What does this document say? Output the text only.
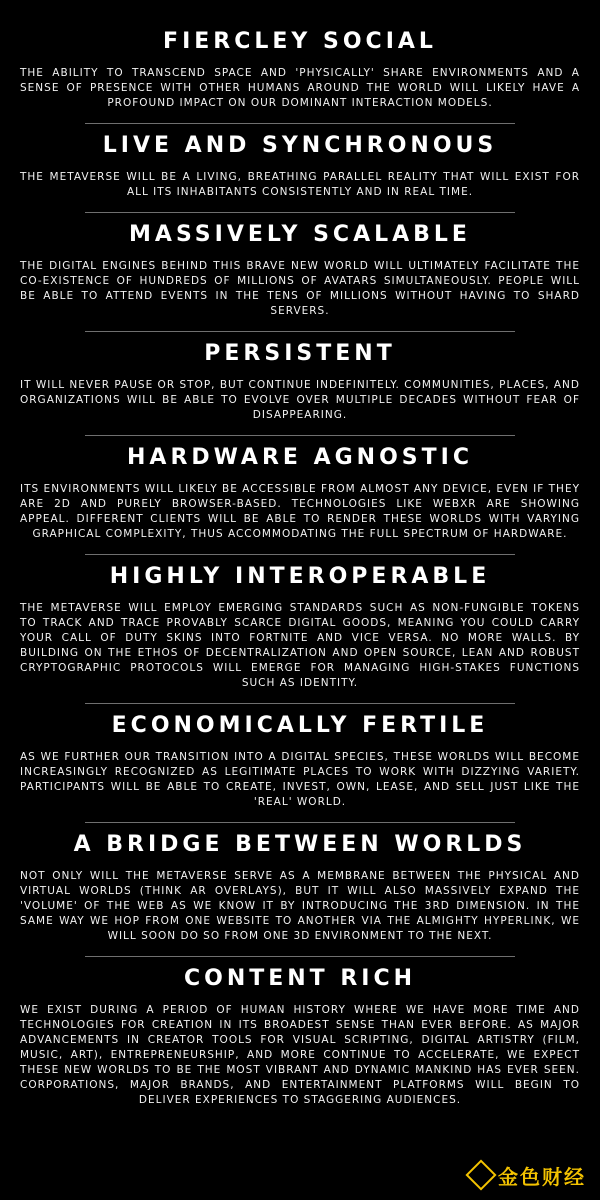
FIERCLEY SOCIAL

THE ABILITY TO TRANSCEND SPACE AND 'PHYSICALLY' SHARE ENVIRONMENTS AND A SENSE OF PRESENCE WITH OTHER HUMANS AROUND THE WORLD WILL LIKELY HAVE A PROFOUND IMPACT ON OUR DOMINANT INTERACTION MODELS.

LIVE AND SYNCHRONOUS

THE METAVERSE WILL BE A LIVING, BREATHING PARALLEL REALITY THAT WILL EXIST FOR ALL ITS INHABITANTS CONSISTENTLY AND IN REAL TIME.

MASSIVELY SCALABLE

THE DIGITAL ENGINES BEHIND THIS BRAVE NEW WORLD WILL ULTIMATELY FACILITATE THE CO-EXISTENCE OF HUNDREDS OF MILLIONS OF AVATARS SIMULTANEOUSLY. PEOPLE WILL BE ABLE TO ATTEND EVENTS IN THE TENS OF MILLIONS WITHOUT HAVING TO SHARD SERVERS.

PERSISTENT

IT WILL NEVER PAUSE OR STOP, BUT CONTINUE INDEFINITELY. COMMUNITIES, PLACES, AND ORGANIZATIONS WILL BE ABLE TO EVOLVE OVER MULTIPLE DECADES WITHOUT FEAR OF DISAPPEARING.

HARDWARE AGNOSTIC

ITS ENVIRONMENTS WILL LIKELY BE ACCESSIBLE FROM ALMOST ANY DEVICE, EVEN IF THEY ARE 2D AND PURELY BROWSER-BASED. TECHNOLOGIES LIKE WEBXR ARE SHOWING APPEAL. DIFFERENT CLIENTS WILL BE ABLE TO RENDER THESE WORLDS WITH VARYING GRAPHICAL COMPLEXITY, THUS ACCOMMODATING THE FULL SPECTRUM OF HARDWARE.

HIGHLY INTEROPERABLE

THE METAVERSE WILL EMPLOY EMERGING STANDARDS SUCH AS NON-FUNGIBLE TOKENS TO TRACK AND TRACE PROVABLY SCARCE DIGITAL GOODS, MEANING YOU COULD CARRY YOUR CALL OF DUTY SKINS INTO FORTNITE AND VICE VERSA. NO MORE WALLS. BY BUILDING ON THE ETHOS OF DECENTRALIZATION AND OPEN SOURCE, LEAN AND ROBUST CRYPTOGRAPHIC PROTOCOLS WILL EMERGE FOR MANAGING HIGH-STAKES FUNCTIONS SUCH AS IDENTITY.

ECONOMICALLY FERTILE

AS WE FURTHER OUR TRANSITION INTO A DIGITAL SPECIES, THESE WORLDS WILL BECOME INCREASINGLY RECOGNIZED AS LEGITIMATE PLACES TO WORK WITH DIZZYING VARIETY. PARTICIPANTS WILL BE ABLE TO CREATE, INVEST, OWN, LEASE, AND SELL JUST LIKE THE 'REAL' WORLD.

A BRIDGE BETWEEN WORLDS

NOT ONLY WILL THE METAVERSE SERVE AS A MEMBRANE BETWEEN THE PHYSICAL AND VIRTUAL WORLDS (THINK AR OVERLAYS), BUT IT WILL ALSO MASSIVELY EXPAND THE 'VOLUME' OF THE WEB AS WE KNOW IT BY INTRODUCING THE 3RD DIMENSION. IN THE SAME WAY WE HOP FROM ONE WEBSITE TO ANOTHER VIA THE ALMIGHTY HYPERLINK, WE WILL SOON DO SO FROM ONE 3D ENVIRONMENT TO THE NEXT.

CONTENT RICH

WE EXIST DURING A PERIOD OF HUMAN HISTORY WHERE WE HAVE MORE TIME AND TECHNOLOGIES FOR CREATION IN ITS BROADEST SENSE THAN EVER BEFORE. AS MAJOR ADVANCEMENTS IN CREATOR TOOLS FOR VISUAL SCRIPTING, DIGITAL ARTISTRY (FILM, MUSIC, ART), ENTREPRENEURSHIP, AND MORE CONTINUE TO ACCELERATE, WE EXPECT THESE NEW WORLDS TO BE THE MOST VIBRANT AND DYNAMIC MANKIND HAS EVER SEEN. CORPORATIONS, MAJOR BRANDS, AND ENTERTAINMENT PLATFORMS WILL BEGIN TO DELIVER EXPERIENCES TO STAGGERING AUDIENCES.

金色财经
